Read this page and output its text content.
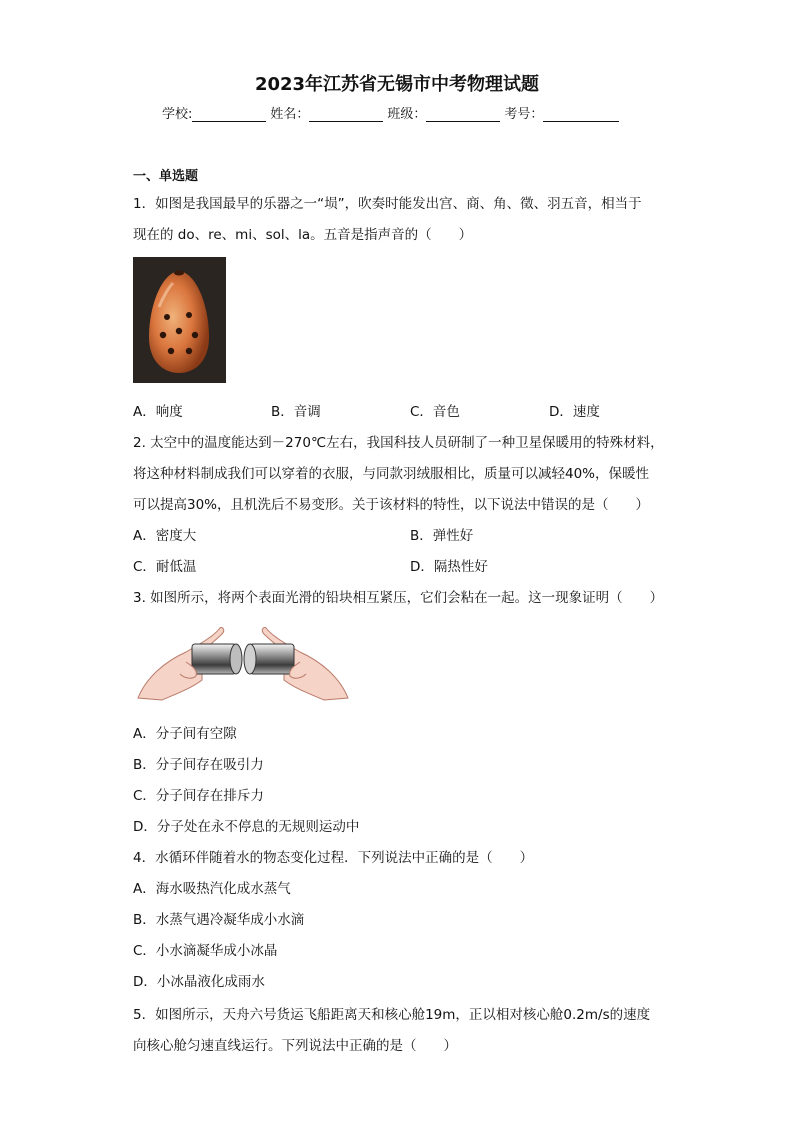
2023年江苏省无锡市中考物理试题
学校:	姓名：	班级：	考号：
一、单选题
1．如图是我国最早的乐器之一“埙”，吹奏时能发出宫、商、角、徵、羽五音，相当于
现在的 do、re、mi、sol、la。五音是指声音的（　　）
A．响度	B．音调	C．音色	D．速度
2. 太空中的温度能达到－270℃左右，我国科技人员研制了一种卫星保暖用的特殊材料，
将这种材料制成我们可以穿着的衣服，与同款羽绒服相比，质量可以减轻40%，保暖性
可以提高30%，且机洗后不易变形。关于该材料的特性，以下说法中错误的是（　　）
A．密度大	B．弹性好
C．耐低温	D．隔热性好
3. 如图所示，将两个表面光滑的铅块相互紧压，它们会粘在一起。这一现象证明（　　）
A．分子间有空隙
B．分子间存在吸引力
C．分子间存在排斥力
D．分子处在永不停息的无规则运动中
4．水循环伴随着水的物态变化过程．下列说法中正确的是（　　）
A．海水吸热汽化成水蒸气
B．水蒸气遇冷凝华成小水滴
C．小水滴凝华成小冰晶
D．小冰晶液化成雨水
5．如图所示，天舟六号货运飞船距离天和核心舱19m，正以相对核心舱0.2m/s的速度
向核心舱匀速直线运行。下列说法中正确的是（　　）
